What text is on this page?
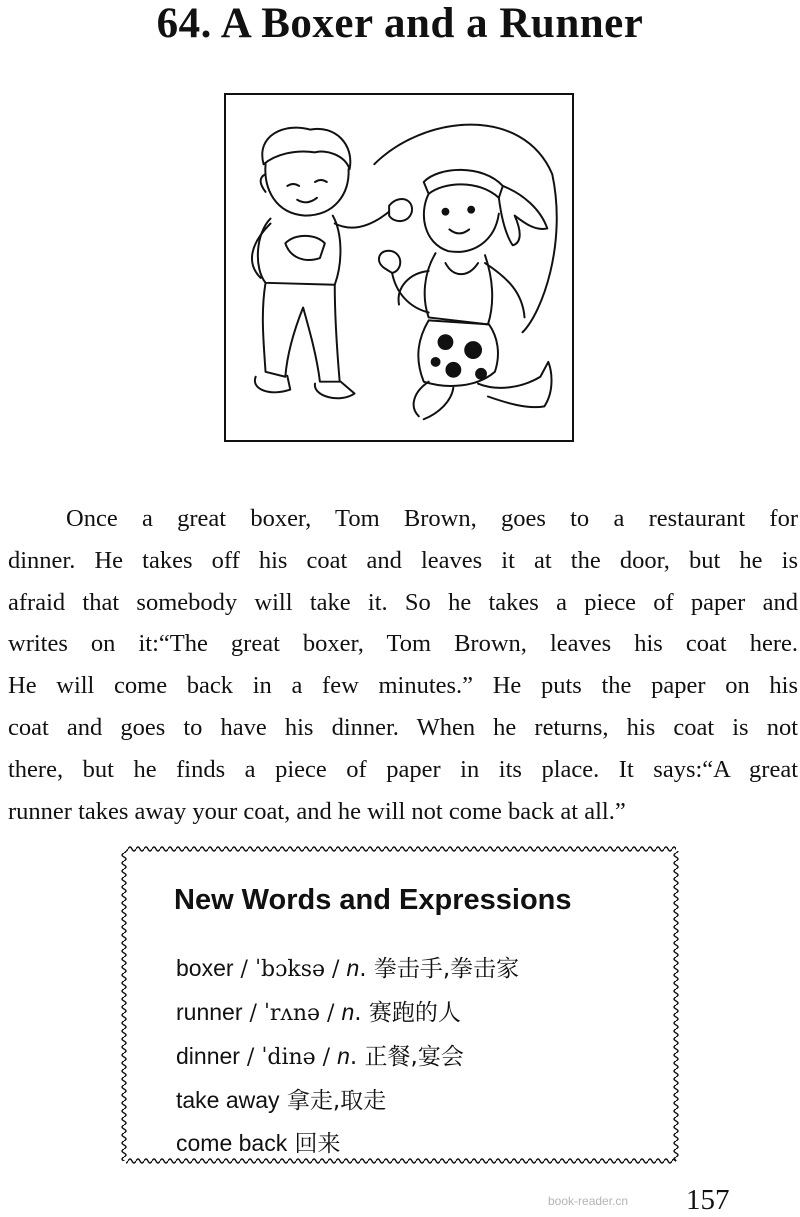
64. A Boxer and a Runner
Once a great boxer, Tom Brown, goes to a restaurant for
dinner. He takes off his coat and leaves it at the door, but he is
afraid that somebody will take it. So he takes a piece of paper and
writes on it:“The great boxer, Tom Brown, leaves his coat here.
He will come back in a few minutes.” He puts the paper on his
coat and goes to have his dinner. When he returns, his coat is not
there, but he finds a piece of paper in its place. It says:“A great
runner takes away your coat, and he will not come back at all.”
New Words and Expressions
boxer / ˈbɔksə / n. 拳击手,拳击家
runner / ˈrʌnə / n. 赛跑的人
dinner / ˈdinə / n. 正餐,宴会
take away 拿走,取走
come back 回来
book-reader.cn 157
